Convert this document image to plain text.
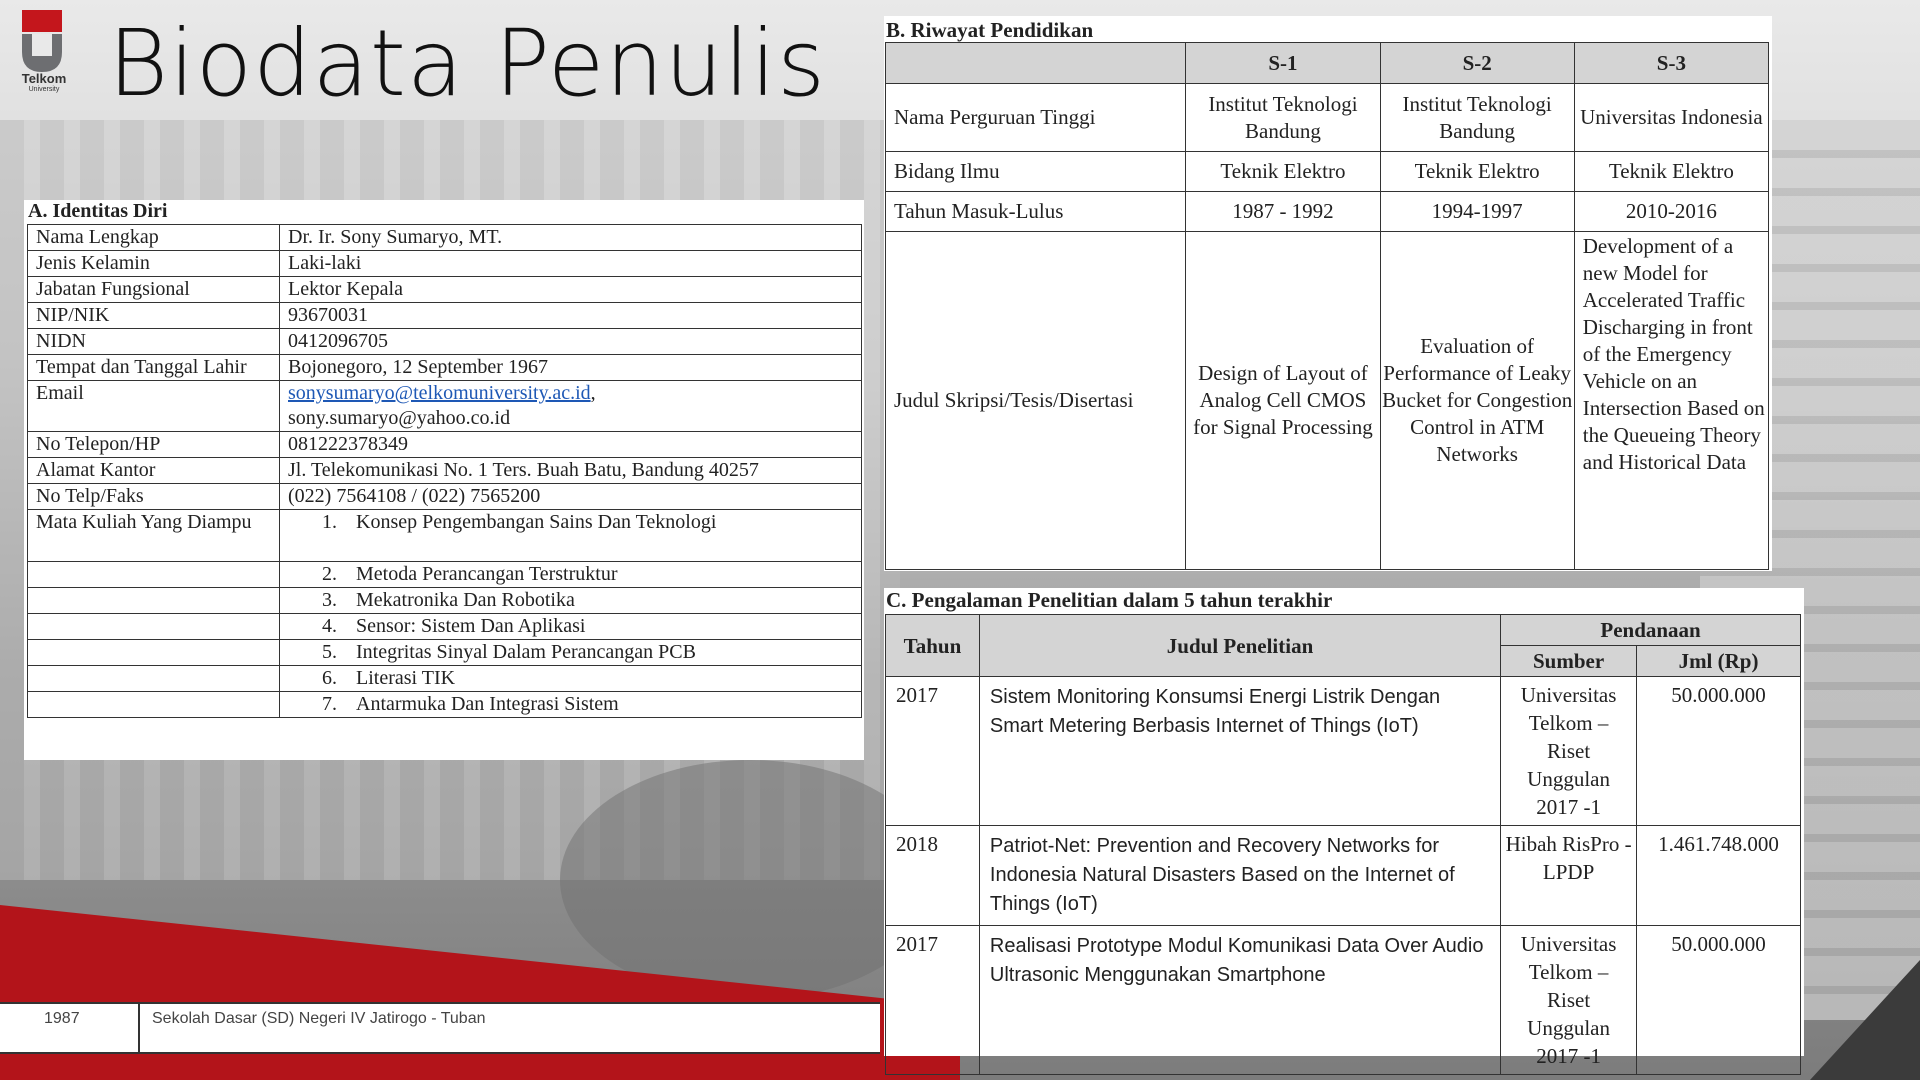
Telkom
University Biodata Penulis
A. Identitas Diri
Nama Lengkap	Dr. Ir. Sony Sumaryo, MT.
Jenis Kelamin	Laki-laki
Jabatan Fungsional	Lektor Kepala
NIP/NIK	93670031
NIDN	0412096705
Tempat dan Tanggal Lahir	Bojonegoro, 12 September 1967
Email	sonysumaryo@telkomuniversity.ac.id,
sony.sumaryo@yahoo.co.id
No Telepon/HP	081222378349
Alamat Kantor	Jl. Telekomunikasi No. 1 Ters. Buah Batu, Bandung 40257
No Telp/Faks	(022) 7564108 / (022) 7565200
Mata Kuliah Yang Diampu	1. Konsep Pengembangan Sains Dan Teknologi
	2. Metoda Perancangan Terstruktur
	3. Mekatronika Dan Robotika
	4. Sensor: Sistem Dan Aplikasi
	5. Integritas Sinyal Dalam Perancangan PCB
	6. Literasi TIK
	7. Antarmuka Dan Integrasi Sistem
B. Riwayat Pendidikan
	S-1	S-2	S-3
Nama Perguruan Tinggi	Institut Teknologi Bandung	Institut Teknologi Bandung	Universitas Indonesia
Bidang Ilmu	Teknik Elektro	Teknik Elektro	Teknik Elektro
Tahun Masuk-Lulus	1987 - 1992	1994-1997	2010-2016
Judul Skripsi/Tesis/Disertasi	Design of Layout of Analog Cell CMOS for Signal Processing	Evaluation of Performance of Leaky Bucket for Congestion Control in ATM Networks	Development of a new Model for Accelerated Traffic Discharging in front of the Emergency Vehicle on an Intersection Based on the Queueing Theory and Historical Data
C. Pengalaman Penelitian dalam 5 tahun terakhir
Tahun	Judul Penelitian	Pendanaan	
		Sumber	Jml (Rp)
2017	Sistem Monitoring Konsumsi Energi Listrik Dengan Smart Metering Berbasis Internet of Things (IoT)	Universitas Telkom – Riset Unggulan 2017 -1	50.000.000
2018	Patriot-Net: Prevention and Recovery Networks for Indonesia Natural Disasters Based on the Internet of Things (IoT)	Hibah RisPro - LPDP	1.461.748.000
2017	Realisasi Prototype Modul Komunikasi Data Over Audio Ultrasonic Menggunakan Smartphone	Universitas Telkom – Riset Unggulan 2017 -1	50.000.000
1987	Sekolah Dasar (SD) Negeri IV Jatirogo - Tuban
